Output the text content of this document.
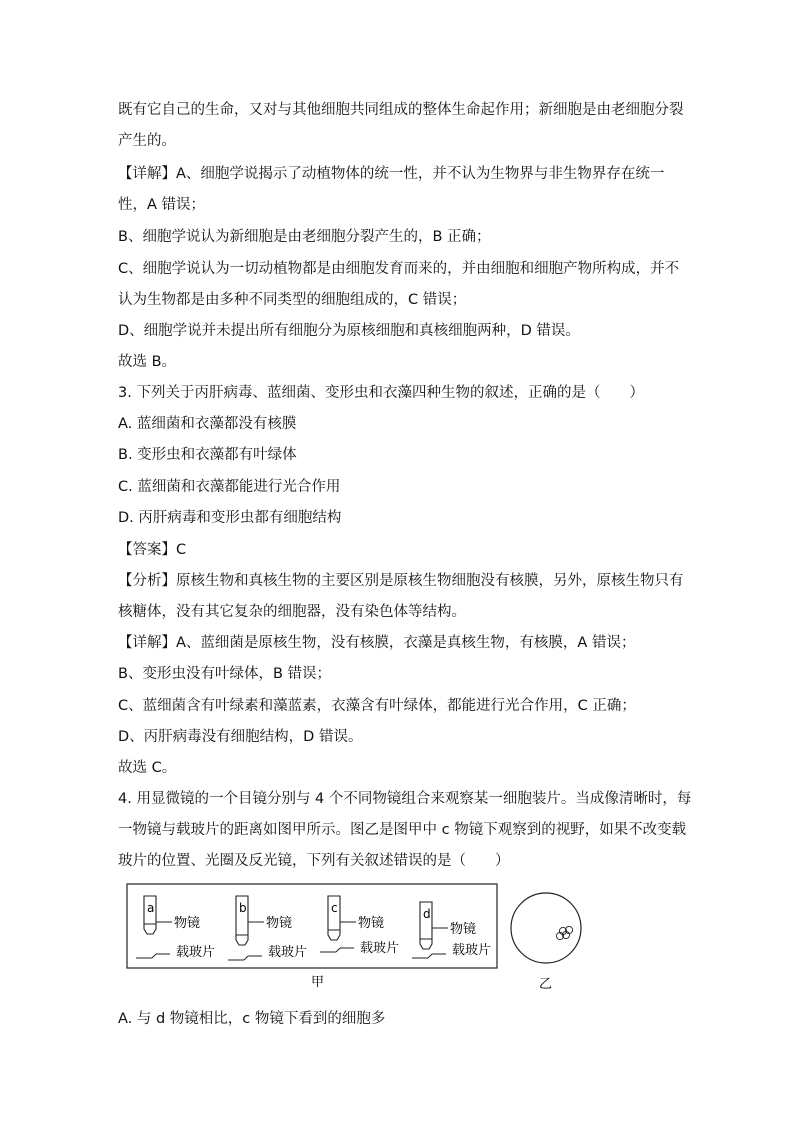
既有它自己的生命，又对与其他细胞共同组成的整体生命起作用；新细胞是由老细胞分裂
产生的。
【详解】A、细胞学说揭示了动植物体的统一性，并不认为生物界与非生物界存在统一
性，A 错误；
B、细胞学说认为新细胞是由老细胞分裂产生的，B 正确；
C、细胞学说认为一切动植物都是由细胞发育而来的，并由细胞和细胞产物所构成，并不
认为生物都是由多种不同类型的细胞组成的，C 错误；
D、细胞学说并未提出所有细胞分为原核细胞和真核细胞两种，D 错误。
故选 B。
3. 下列关于丙肝病毒、蓝细菌、变形虫和衣藻四种生物的叙述，正确的是（　　）
A. 蓝细菌和衣藻都没有核膜
B. 变形虫和衣藻都有叶绿体
C. 蓝细菌和衣藻都能进行光合作用
D. 丙肝病毒和变形虫都有细胞结构
【答案】C
【分析】原核生物和真核生物的主要区别是原核生物细胞没有核膜，另外，原核生物只有
核糖体，没有其它复杂的细胞器，没有染色体等结构。
【详解】A、蓝细菌是原核生物，没有核膜，衣藻是真核生物，有核膜，A 错误；
B、变形虫没有叶绿体，B 错误；
C、蓝细菌含有叶绿素和藻蓝素，衣藻含有叶绿体，都能进行光合作用，C 正确；
D、丙肝病毒没有细胞结构，D 错误。
故选 C。
4. 用显微镜的一个目镜分别与 4 个不同物镜组合来观察某一细胞装片。当成像清晰时，每
一物镜与载玻片的距离如图甲所示。图乙是图甲中 c 物镜下观察到的视野，如果不改变载
玻片的位置、光圈及反光镜，下列有关叙述错误的是（　　）
a
物镜
载玻片
b
物镜
载玻片
c
物镜
载玻片
d
物镜
载玻片
甲	乙
A. 与 d 物镜相比，c 物镜下看到的细胞多
